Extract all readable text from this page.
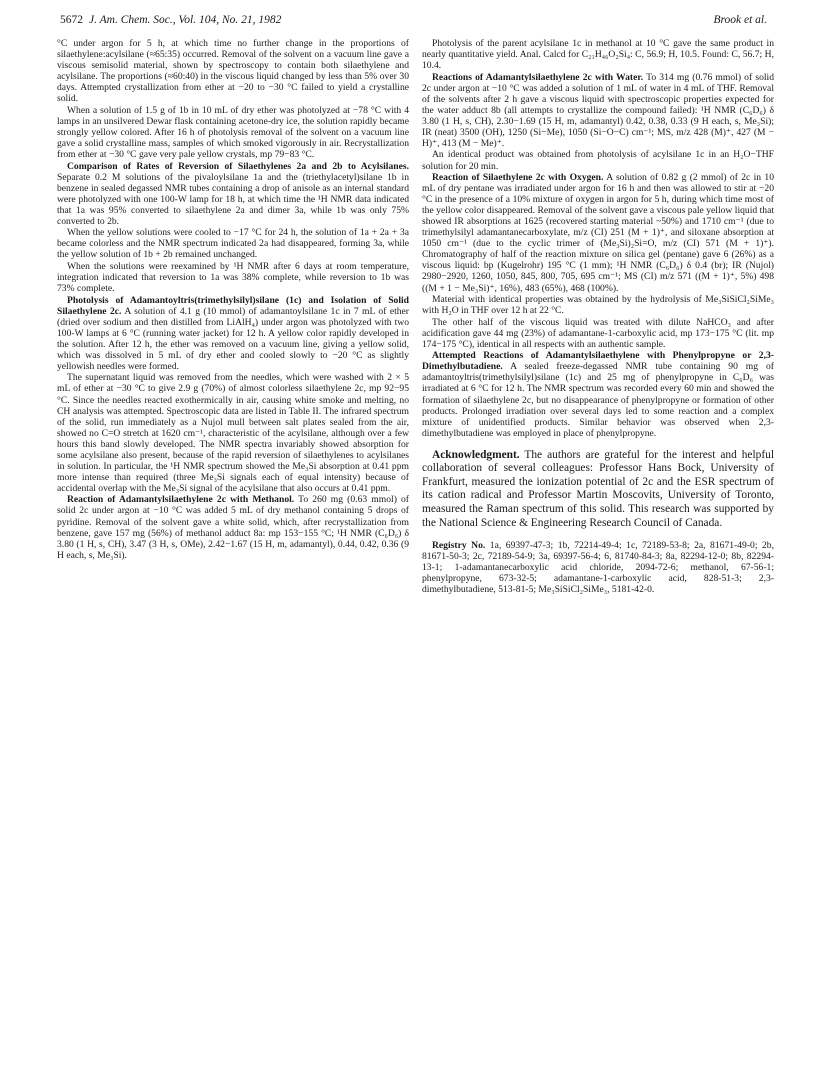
5672 J. Am. Chem. Soc., Vol. 104, No. 21, 1982	Brook et al.

°C under argon for 5 h, at which time no further change in the proportions of silaethylene:acylsilane (≈65:35) occurred. Removal of the solvent on a vacuum line gave a viscous semisolid material, shown by spectroscopy to contain both silaethylene and acylsilane. The proportions (≈60:40) in the viscous liquid changed by less than 5% over 30 days. Attempted crystallization from ether at −20 to −30 °C failed to yield a crystalline solid.

When a solution of 1.5 g of 1b in 10 mL of dry ether was photolyzed at −78 °C with 4 lamps in an unsilvered Dewar flask containing acetone-dry ice, the solution rapidly became strongly yellow colored. After 16 h of photolysis removal of the solvent on a vacuum line gave a solid crystalline mass, samples of which smoked vigorously in air. Recrystallization from ether at −30 °C gave very pale yellow crystals, mp 79−83 °C.

Comparison of Rates of Reversion of Silaethylenes 2a and 2b to Acylsilanes. Separate 0.2 M solutions of the pivaloylsilane 1a and the (triethylacetyl)silane 1b in benzene in sealed degassed NMR tubes containing a drop of anisole as an internal standard were photolyzed with one 100-W lamp for 18 h, at which time the ¹H NMR data indicated that 1a was 95% converted to silaethylene 2a and dimer 3a, while 1b was only 75% converted to 2b.

When the yellow solutions were cooled to −17 °C for 24 h, the solution of 1a + 2a + 3a became colorless and the NMR spectrum indicated 2a had disappeared, forming 3a, while the yellow solution of 1b + 2b remained unchanged.

When the solutions were reexamined by ¹H NMR after 6 days at room temperature, integration indicated that reversion to 1a was 38% complete, while reversion to 1b was 73% complete.

Photolysis of Adamantoyltris(trimethylsilyl)silane (1c) and Isolation of Solid Silaethylene 2c. A solution of 4.1 g (10 mmol) of adamantoylsilane 1c in 7 mL of ether (dried over sodium and then distilled from LiAlH₄) under argon was photolyzed with two 100-W lamps at 6 °C (running water jacket) for 12 h. A yellow color rapidly developed in the solution. After 12 h, the ether was removed on a vacuum line, giving a yellow solid, which was dissolved in 5 mL of dry ether and cooled slowly to −20 °C as slightly yellowish needles were formed.

The supernatant liquid was removed from the needles, which were washed with 2 × 5 mL of ether at −30 °C to give 2.9 g (70%) of almost colorless silaethylene 2c, mp 92−95 °C. Since the needles reacted exothermically in air, causing white smoke and melting, no CH analysis was attempted. Spectroscopic data are listed in Table II. The infrared spectrum of the solid, run immediately as a Nujol mull between salt plates sealed from the air, showed no C=O stretch at 1620 cm⁻¹, characteristic of the acylsilane, although over a few hours this band slowly developed. The NMR spectra invariably showed absorption for some acylsilane also present, because of the rapid reversion of silaethylenes to acylsilanes in solution. In particular, the ¹H NMR spectrum showed the Me₃Si absorption at 0.41 ppm more intense than required (three Me₃Si signals each of equal intensity) because of accidental overlap with the Me₃Si signal of the acylsilane that also occurs at 0.41 ppm.

Reaction of Adamantylsilaethylene 2c with Methanol. To 260 mg (0.63 mmol) of solid 2c under argon at −10 °C was added 5 mL of dry methanol containing 5 drops of pyridine. Removal of the solvent gave a white solid, which, after recrystallization from benzene, gave 157 mg (56%) of methanol adduct 8a: mp 153−155 °C; ¹H NMR (C₆D₆) δ 3.80 (1 H, s, CH), 3.47 (3 H, s, OMe), 2.42−1.67 (15 H, m, adamantyl), 0.44, 0.42, 0.36 (9 H each, s, Me₃Si).

Photolysis of the parent acylsilane 1c in methanol at 10 °C gave the same product in nearly quantitative yield. Anal. Calcd for C₂₁H₄₆O₂Si₄: C, 56.9; H, 10.5. Found: C, 56.7; H, 10.4.

Reactions of Adamantylsilaethylene 2c with Water. To 314 mg (0.76 mmol) of solid 2c under argon at −10 °C was added a solution of 1 mL of water in 4 mL of THF. Removal of the solvents after 2 h gave a viscous liquid with spectroscopic properties expected for the water adduct 8b (all attempts to crystallize the compound failed): ¹H NMR (C₆D₆) δ 3.80 (1 H, s, CH), 2.30−1.69 (15 H, m, adamantyl) 0.42, 0.38, 0.33 (9 H each, s, Me₃Si); IR (neat) 3500 (OH), 1250 (Si−Me), 1050 (Si−O−C) cm⁻¹; MS, m/z 428 (M)⁺, 427 (M − H)⁺, 413 (M − Me)⁺.

An identical product was obtained from photolysis of acylsilane 1c in an H₂O−THF solution for 20 min.

Reaction of Silaethylene 2c with Oxygen. A solution of 0.82 g (2 mmol) of 2c in 10 mL of dry pentane was irradiated under argon for 16 h and then was allowed to stir at −20 °C in the presence of a 10% mixture of oxygen in argon for 5 h, during which time most of the yellow color disappeared. Removal of the solvent gave a viscous pale yellow liquid that showed IR absorptions at 1625 (recovered starting material ~50%) and 1710 cm⁻¹ (due to trimethylsilyl adamantanecarboxylate, m/z (CI) 251 (M + 1)⁺, and siloxane absorption at 1050 cm⁻¹ (due to the cyclic trimer of (Me₃Si)₂Si=O, m/z (CI) 571 (M + 1)⁺). Chromatography of half of the reaction mixture on silica gel (pentane) gave 6 (26%) as a viscous liquid: bp (Kugelrohr) 195 °C (1 mm); ¹H NMR (C₆D₆) δ 0.4 (br); IR (Nujol) 2980−2920, 1260, 1050, 845, 800, 705, 695 cm⁻¹; MS (CI) m/z 571 ((M + 1)⁺, 5%) 498 ((M + 1 − Me₃Si)⁺, 16%), 483 (65%), 468 (100%).

Material with identical properties was obtained by the hydrolysis of Me₃SiSiCl₂SiMe₃ with H₂O in THF over 12 h at 22 °C.

The other half of the viscous liquid was treated with dilute NaHCO₃ and after acidification gave 44 mg (23%) of adamantane-1-carboxylic acid, mp 173−175 °C (lit. mp 174−175 °C), identical in all respects with an authentic sample.

Attempted Reactions of Adamantylsilaethylene with Phenylpropyne or 2,3-Dimethylbutadiene. A sealed freeze-degassed NMR tube containing 90 mg of adamantoyltris(trimethylsilyl)silane (1c) and 25 mg of phenylpropyne in C₆D₆ was irradiated at 6 °C for 12 h. The NMR spectrum was recorded every 60 min and showed the formation of silaethylene 2c, but no disappearance of phenylpropyne or formation of other products. Prolonged irradiation over several days led to some reaction and a complex mixture of unidentified products. Similar behavior was observed when 2,3-dimethylbutadiene was employed in place of phenylpropyne.

Acknowledgment. The authors are grateful for the interest and helpful collaboration of several colleagues: Professor Hans Bock, University of Frankfurt, measured the ionization potential of 2c and the ESR spectrum of its cation radical and Professor Martin Moscovits, University of Toronto, measured the Raman spectrum of this solid. This research was supported by the National Science & Engineering Research Council of Canada.

Registry No. 1a, 69397-47-3; 1b, 72214-49-4; 1c, 72189-53-8; 2a, 81671-49-0; 2b, 81671-50-3; 2c, 72189-54-9; 3a, 69397-56-4; 6, 81740-84-3; 8a, 82294-12-0; 8b, 82294-13-1; 1-adamantanecarboxylic acid chloride, 2094-72-6; methanol, 67-56-1; phenylpropyne, 673-32-5; adamantane-1-carboxylic acid, 828-51-3; 2,3-dimethylbutadiene, 513-81-5; Me₃SiSiCl₂SiMe₃, 5181-42-0.
